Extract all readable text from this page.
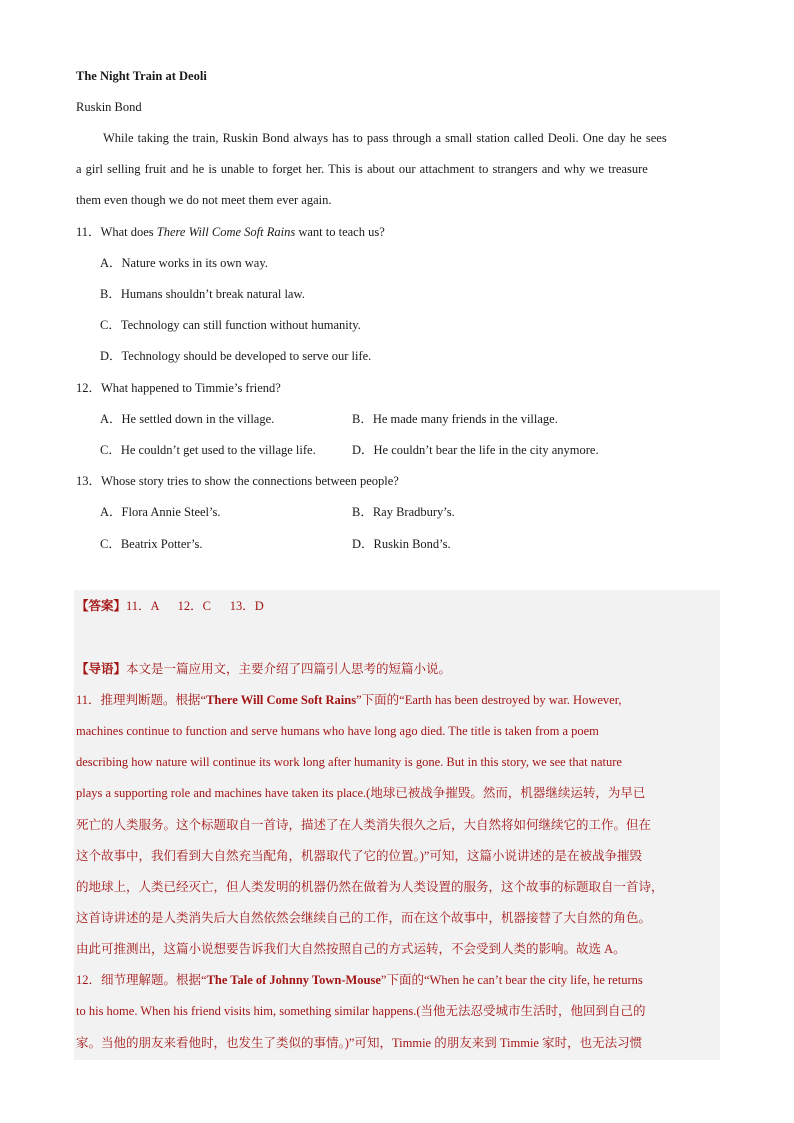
The Night Train at Deoli
Ruskin Bond
While taking the train, Ruskin Bond always has to pass through a small station called Deoli. One day he sees
a girl selling fruit and he is unable to forget her. This is about our attachment to strangers and why we treasure
them even though we do not meet them ever again.
11．What does There Will Come Soft Rains want to teach us?
A．Nature works in its own way.
B．Humans shouldn’t break natural law.
C．Technology can still function without humanity.
D．Technology should be developed to serve our life.
12．What happened to Timmie’s friend?
A．He settled down in the village.	B．He made many friends in the village.
C．He couldn’t get used to the village life.	D．He couldn’t bear the life in the city anymore.
13．Whose story tries to show the connections between people?
A．Flora Annie Steel’s.	B．Ray Bradbury’s.
C．Beatrix Potter’s.	D．Ruskin Bond’s.
【答案】11．A      12．C      13．D
【导语】本文是一篇应用文，主要介绍了四篇引人思考的短篇小说。
11．推理判断题。根据“There Will Come Soft Rains”下面的“Earth has been destroyed by war. However,
machines continue to function and serve humans who have long ago died. The title is taken from a poem
describing how nature will continue its work long after humanity is gone. But in this story, we see that nature
plays a supporting role and machines have taken its place.(地球已被战争摧毁。然而，机器继续运转，为早已
死亡的人类服务。这个标题取自一首诗，描述了在人类消失很久之后，大自然将如何继续它的工作。但在
这个故事中，我们看到大自然充当配角，机器取代了它的位置。)”可知，这篇小说讲述的是在被战争摧毁
的地球上，人类已经灭亡，但人类发明的机器仍然在做着为人类设置的服务，这个故事的标题取自一首诗，
这首诗讲述的是人类消失后大自然依然会继续自己的工作，而在这个故事中，机器接替了大自然的角色。
由此可推测出，这篇小说想要告诉我们大自然按照自己的方式运转，不会受到人类的影响。故选 A。
12．细节理解题。根据“The Tale of Johnny Town-Mouse”下面的“When he can’t bear the city life, he returns
to his home. When his friend visits him, something similar happens.(当他无法忍受城市生活时，他回到自己的
家。当他的朋友来看他时，也发生了类似的事情。)”可知，Timmie 的朋友来到 Timmie 家时，也无法习惯
